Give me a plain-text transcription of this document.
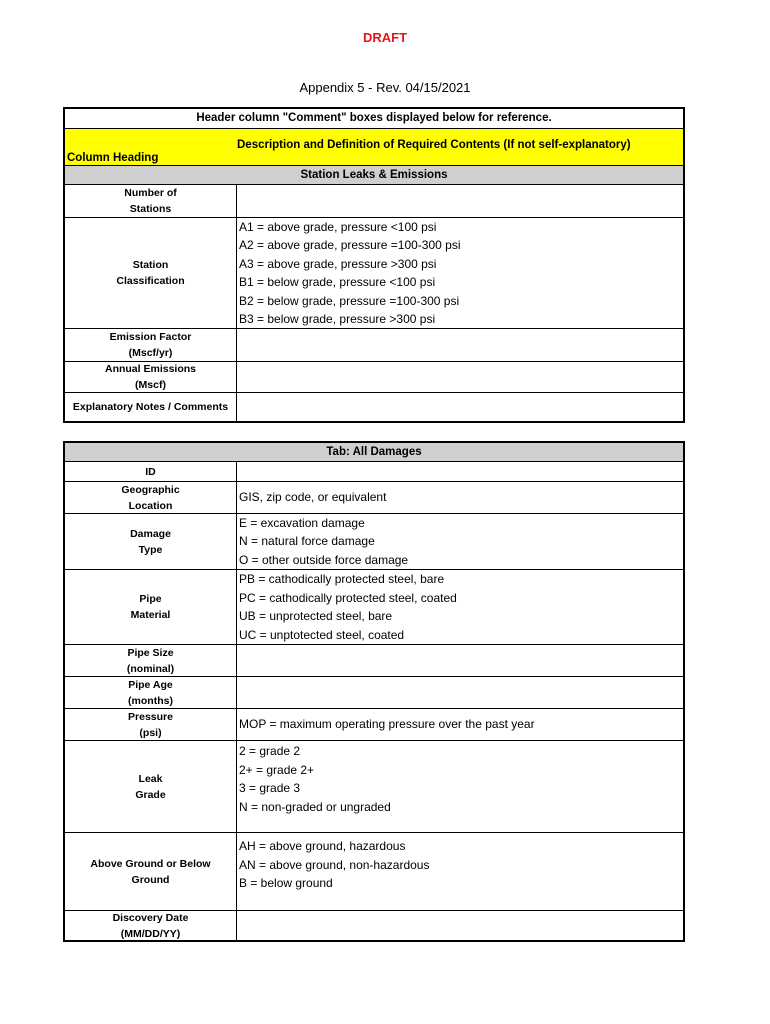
DRAFT
Appendix 5 - Rev. 04/15/2021
Header column "Comment" boxes displayed below for reference.
Column Heading
Description and Definition of Required Contents (If not self-explanatory)
Station Leaks & Emissions
Number of
Stations
Station
Classification
A1 = above grade, pressure <100 psi
A2 = above grade, pressure =100-300 psi
A3 = above grade, pressure >300 psi
B1 = below grade, pressure <100 psi
B2 = below grade, pressure =100-300 psi
B3 = below grade, pressure >300 psi
Emission Factor
(Mscf/yr)
Annual Emissions
(Mscf)
Explanatory Notes / Comments
Tab: All Damages
ID
Geographic
Location
GIS, zip code, or equivalent
Damage
Type
E = excavation damage
N = natural force damage
O = other outside force damage
Pipe
Material
PB = cathodically protected steel, bare
PC = cathodically protected steel, coated
UB = unprotected steel, bare
UC = unptotected steel, coated
Pipe Size
(nominal)
Pipe Age
(months)
Pressure
(psi)
MOP = maximum operating pressure over the past year
Leak
Grade
2 = grade 2
2+ = grade 2+
3 = grade 3
N = non-graded or ungraded
Above Ground or Below
Ground
AH = above ground, hazardous
AN = above ground, non-hazardous
B = below ground
Discovery Date
(MM/DD/YY)
